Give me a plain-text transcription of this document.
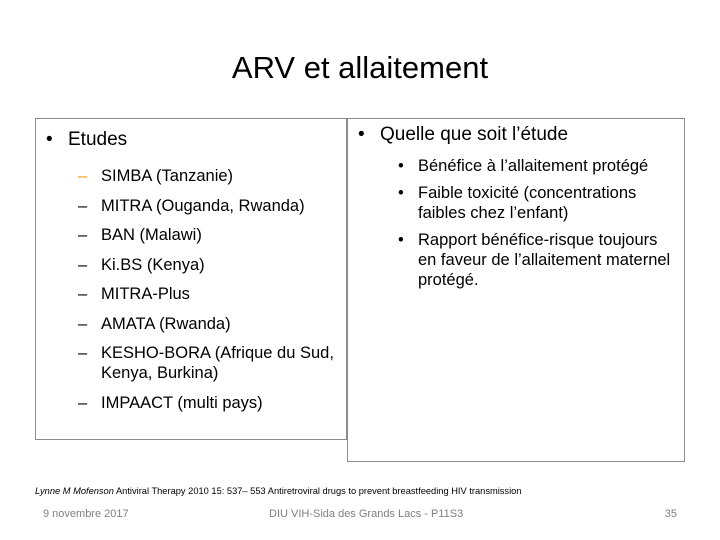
ARV et allaitement
• Etudes
– SIMBA (Tanzanie)
– MITRA (Ouganda, Rwanda)
– BAN (Malawi)
– Ki.BS (Kenya)
– MITRA-Plus
– AMATA (Rwanda)
– KESHO-BORA (Afrique du Sud, Kenya, Burkina)
– IMPAACT (multi pays)
• Quelle que soit l’étude
• Bénéfice à l’allaitement protégé
• Faible toxicité (concentrations faibles chez l’enfant)
• Rapport bénéfice-risque toujours en faveur de l’allaitement maternel protégé.
Lynne M Mofenson Antiviral Therapy 2010 15: 537– 553 Antiretroviral drugs to prevent breastfeeding HIV transmission
9 novembre 2017	DIU VIH-Sida des Grands Lacs - P11S3	35
